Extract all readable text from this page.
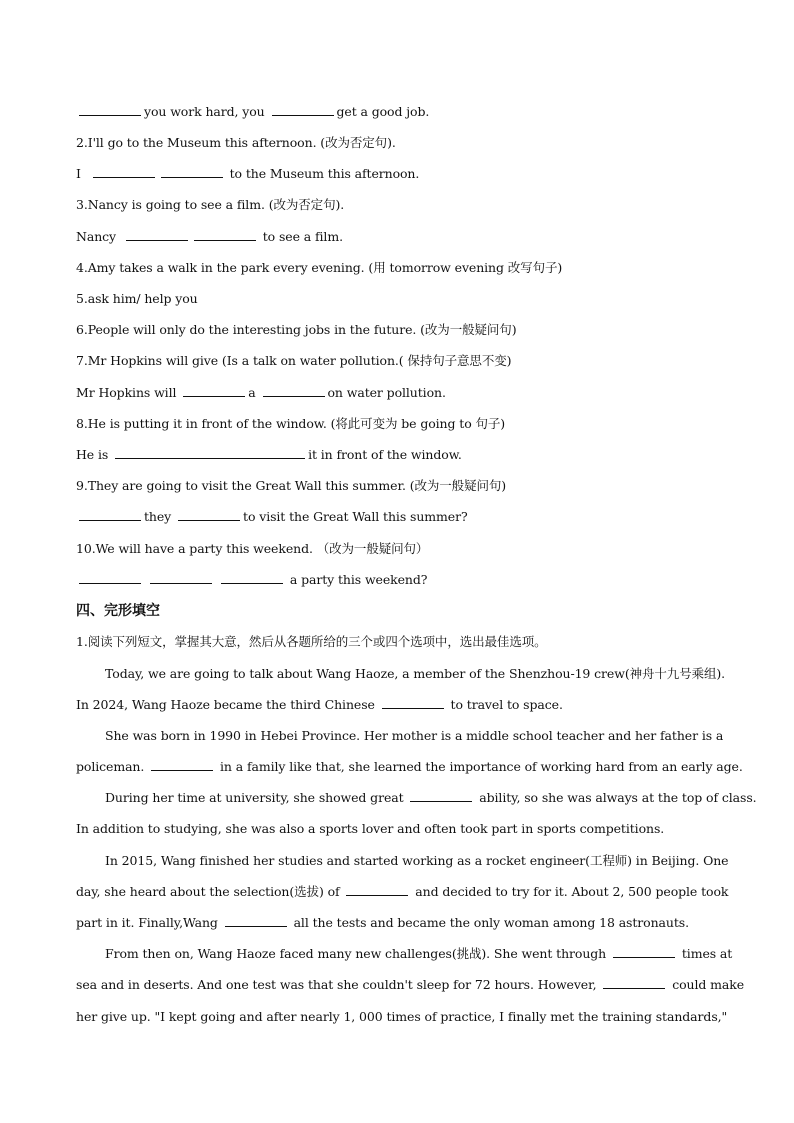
you work hard, you	get a good job.
2.I'll go to the Museum this afternoon. (改为否定句).
I	to the Museum this afternoon.
3.Nancy is going to see a film. (改为否定句).
Nancy	to see a film.
4.Amy takes a walk in the park every evening. (用 tomorrow evening 改写句子)
5.ask him/ help you
6.People will only do the interesting jobs in the future. (改为一般疑问句)
7.Mr Hopkins will give (Is a talk on water pollution.( 保持句子意思不变)
Mr Hopkins will	a	on water pollution.
8.He is putting it in front of the window. (将此可变为 be going to 句子)
He is	it in front of the window.
9.They are going to visit the Great Wall this summer. (改为一般疑问句)
they	to visit the Great Wall this summer?
10.We will have a party this weekend. （改为一般疑问句）
a party this weekend?
四、完形填空
1.阅读下列短文，掌握其大意，然后从各题所给的三个或四个选项中，选出最佳选项。
Today, we are going to talk about Wang Haoze, a member of the Shenzhou-19 crew(神舟十九号乘组).
In 2024, Wang Haoze became the third Chinese	to travel to space.
She was born in 1990 in Hebei Province. Her mother is a middle school teacher and her father is a
policeman.	in a family like that, she learned the importance of working hard from an early age.
During her time at university, she showed great	ability, so she was always at the top of class.
In addition to studying, she was also a sports lover and often took part in sports competitions.
In 2015, Wang finished her studies and started working as a rocket engineer(工程师) in Beijing. One
day, she heard about the selection(选拔) of	and decided to try for it. About 2, 500 people took
part in it. Finally,Wang	all the tests and became the only woman among 18 astronauts.
From then on, Wang Haoze faced many new challenges(挑战). She went through	times at
sea and in deserts. And one test was that she couldn't sleep for 72 hours. However,	could make
her give up. "I kept going and after nearly 1, 000 times of practice, I finally met the training standards,"
